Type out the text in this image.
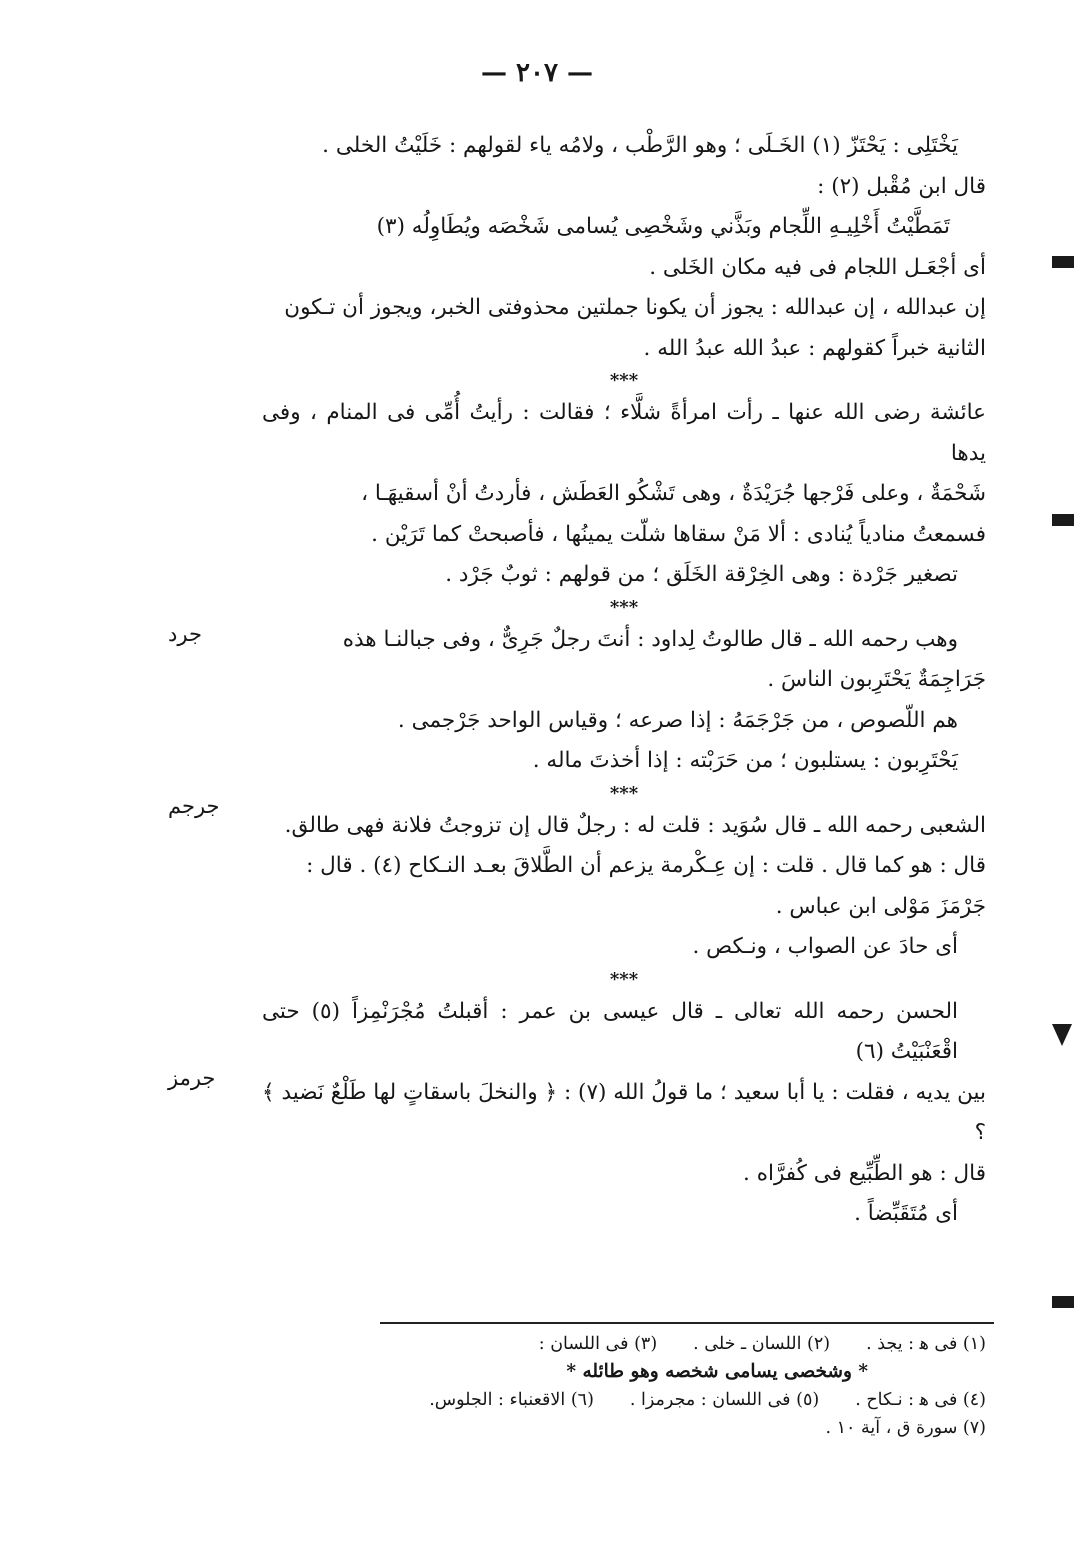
— ٢٠٧ —

يَخْتَلِى : يَحْتَزّ (١) الخَـلَى ؛ وهو الرَّطْب ، ولامُه ياء لقولهم : خَلَيْتُ الخلى .

قال ابن مُقْبل (٢) :

تَمَطَّيْتُ أَخْلِيـهِ اللِّجام وبَذَّني وشَخْصِى يُسامى شَخْصَه ويُطَاوِلُه (٣)

أى أجْعَـل اللجام فى فيه مكان الخَلى .

إن عبدالله ، إن عبدالله : يجوز أن يكونا جملتين محذوفتى الخبر، ويجوز أن تـكون

الثانية خبراً كقولهم : عبدُ الله عبدُ الله .

***

عائشة رضى الله عنها ـ رأت امرأةً شلَّاء ؛ فقالت : رأيتُ أُمِّى فى المنام ، وفى يدها

شَحْمَةٌ ، وعلى فَرْجها جُرَيْدَةٌ ، وهى تَشْكُو العَطَش ، فأردتُ أنْ أسقيهَـا ،

فسمعتُ منادياً يُنادى : ألا مَنْ سقاها شلّت يمينُها ، فأصبحتْ كما تَرَيْن .

تصغير جَرْدة : وهى الخِرْقة الخَلَق ؛ من قولهم : ثوبٌ جَرْد .

***

وهب رحمه الله ـ قال طالوتُ لِداود : أنتَ رجلٌ جَرِىٌّ ، وفى جبالنـا هذه

جَرَاجِمَةٌ يَحْتَرِبون الناسَ .

هم اللّصوص ، من جَرْجَمَهُ : إذا صرعه ؛ وقياس الواحد جَرْجمى .

يَحْتَرِبون : يستلبون ؛ من حَرَبْته : إذا أخذتَ ماله .

***

الشعبى رحمه الله ـ قال سُوَيد : قلت له : رجلٌ قال إن تزوجتُ فلانة فهى طالق.

قال : هو كما قال . قلت : إن عِـكْرمة يزعم أن الطَّلاقَ بعـد النـكاح (٤) . قال :

جَرْمَزَ مَوْلى ابن عباس .

أى حادَ عن الصواب ، ونـكص .

***

الحسن رحمه الله تعالى ـ قال عيسى بن عمر : أقبلتُ مُجْرَنْمِزاً (٥) حتى اقْعَنْبَيْتُ (٦)

بين يديه ، فقلت : يا أبا سعيد ؛ ما قولُ الله (٧) : ﴿ والنخلَ باسقاتٍ لها طَلْعٌ نَضيد ﴾ ؟

قال : هو الطِّبِّيع فى كُفرَّاه .

أى مُتَقَبِّضاً .

جرد
جرجم
جرمز
(١) فى ﻫ : يجذ .(٢) اللسان ـ خلى .(٣) فى اللسان :
* وشخصى يسامى شخصه وهو طائله *
(٤) فى ﻫ : نـكاح .(٥) فى اللسان : مجرمزا .(٦) الاقعنباء : الجلوس.
(٧) سورة ق ، آية ١٠ .
